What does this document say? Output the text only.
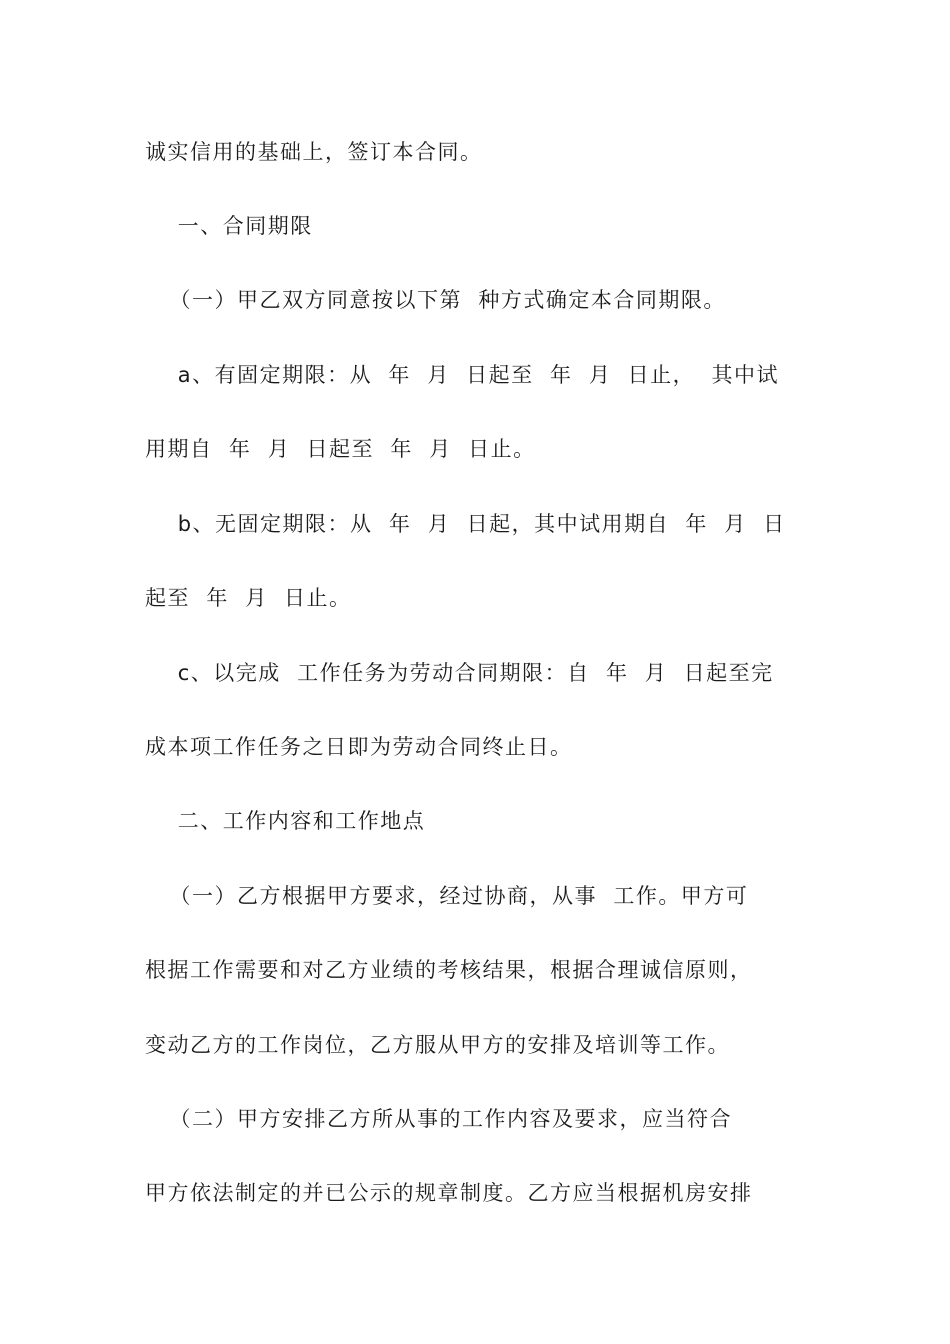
诚实信用的基础上，签订本合同。
一、合同期限
（一）甲乙双方同意按以下第  种方式确定本合同期限。
a、有固定期限：从  年  月  日起至  年  月  日止，  其中试
用期自  年  月  日起至  年  月  日止。
b、无固定期限：从  年  月  日起，其中试用期自  年  月  日
起至  年  月  日止。
c、以完成  工作任务为劳动合同期限：自  年  月  日起至完
成本项工作任务之日即为劳动合同终止日。
二、工作内容和工作地点
（一）乙方根据甲方要求，经过协商，从事  工作。甲方可
根据工作需要和对乙方业绩的考核结果，根据合理诚信原则，
变动乙方的工作岗位，乙方服从甲方的安排及培训等工作。
（二）甲方安排乙方所从事的工作内容及要求，应当符合
甲方依法制定的并已公示的规章制度。乙方应当根据机房安排
